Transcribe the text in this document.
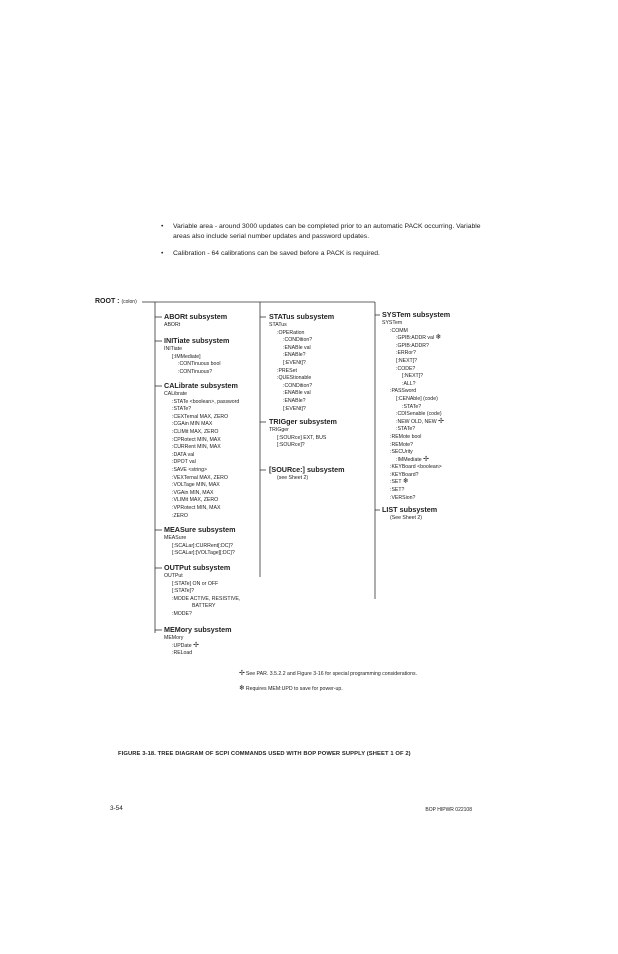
• Variable area - around 3000 updates can be completed prior to an automatic PACK occurring. Variable areas also include serial number updates and password updates.
• Calibration - 64 calibrations can be saved before a PACK is required.
ROOT : (colon)
ABORt subsystem
ABORt
INITiate subsystem
INITiate
[:IMMediate]
:CONTinuous bool
:CONTinuous?
CALibrate subsystem
CALibrate
:STATe <boolean>, password
:STATe?
:CEXTernal MAX, ZERO
:CGAin MIN MAX
:CLIMit MAX, ZERO
:CPRotect MIN, MAX
:CURRent MIN, MAX
:DATA val
:DPOT val
:SAVE <string>
:VEXTernal MAX, ZERO
:VOLTage MIN, MAX
:VGAin MIN, MAX
:VLIMit MAX, ZERO
:VPRotect MIN, MAX
:ZERO
MEASure subsystem
MEASure
[:SCALar]:CURRent[:DC]?
[:SCALar]:[VOLTage][:DC]?
OUTPut subsystem
OUTPut
[:STATe] ON or OFF
[:STATe]?
:MODE ACTIVE, RESISTIVE,
BATTERY
:MODE?
MEMory subsystem
MEMory
:UPDate ✢
:RELoad
STATus subsystem
STATus
:OPERation
:CONDition?
:ENABle val
:ENABle?
[:EVENt]?
:PRESet
:QUEStionable
:CONDition?
:ENABle val
:ENABle?
[:EVENt]?
TRIGger subsystem
TRIGger
[:SOURce] EXT, BUS
[:SOURce]?
[SOURce:] subsystem
(see Sheet 2)
SYSTem subsystem
SYSTem
:COMM
:GPIB:ADDR val ❄
:GPIB:ADDR?
:ERRor?
[:NEXT]?
:CODE?
[:NEXT]?
:ALL?
:PASSword
[:CENAble] (code)
:STATe?
:CDISenable (code)
:NEW OLD, NEW ✢
:STATe?
:REMote bool
:REMote?
:SECUrity
:IMMediate ✢
:KEYBoard <boolean>
:KEYBoard?
:SET ❄
:SET?
:VERSion?
LIST subsystem
(See Sheet 2)
✢See PAR. 3.5.2.2 and Figure 3-16 for special programming considerations.
❄Requires MEM:UPD to save for power-up.
FIGURE 3-18. TREE DIAGRAM OF SCPI COMMANDS USED WITH BOP POWER SUPPLY (SHEET 1 OF 2)
3-54	BOP HIPWR 022108
